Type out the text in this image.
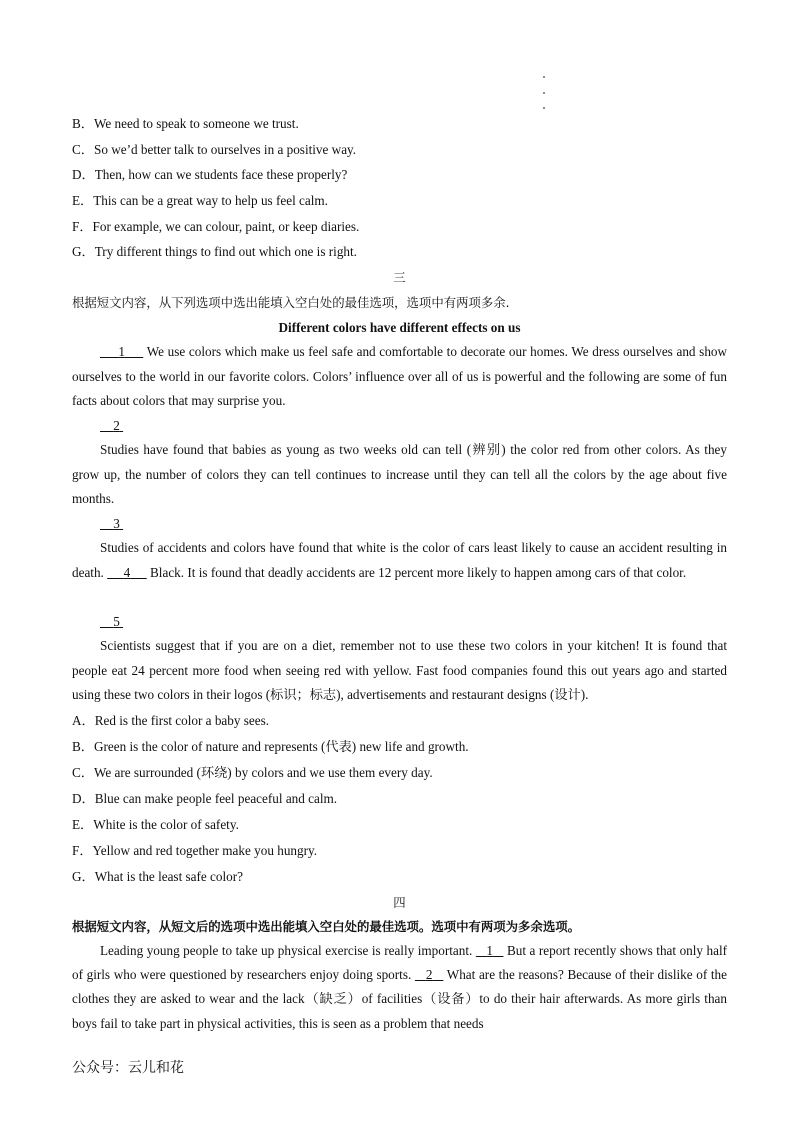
B．We need to speak to someone we trust.
C．So we’d better talk to ourselves in a positive way.
D．Then, how can we students face these properly?
E．This can be a great way to help us feel calm.
F．For example, we can colour, paint, or keep diaries.
G．Try different things to find out which one is right.
三
根据短文内容，从下列选项中选出能填入空白处的最佳选项，选项中有两项多余.
Different colors have different effects on us
1 We use colors which make us feel safe and comfortable to decorate our homes. We dress ourselves and show ourselves to the world in our favorite colors. Colors’ influence over all of us is powerful and the following are some of fun facts about colors that may surprise you.
2
Studies have found that babies as young as two weeks old can tell (辨别) the color red from other colors. As they grow up, the number of colors they can tell continues to increase until they can tell all the colors by the age about five months.
3
Studies of accidents and colors have found that white is the color of cars least likely to cause an accident resulting in death. 4 Black. It is found that deadly accidents are 12 percent more likely to happen among cars of that color.
5
Scientists suggest that if you are on a diet, remember not to use these two colors in your kitchen! It is found that people eat 24 percent more food when seeing red with yellow. Fast food companies found this out years ago and started using these two colors in their logos (标识；标志), advertisements and restaurant designs (设计).
A．Red is the first color a baby sees.
B．Green is the color of nature and represents (代表) new life and growth.
C．We are surrounded (环绕) by colors and we use them every day.
D．Blue can make people feel peaceful and calm.
E．White is the color of safety.
F．Yellow and red together make you hungry.
G．What is the least safe color?
四
根据短文内容，从短文后的选项中选出能填入空白处的最佳选项。选项中有两项为多余选项。
Leading young people to take up physical exercise is really important. 1 But a report recently shows that only half of girls who were questioned by researchers enjoy doing sports. 2 What are the reasons? Because of their dislike of the clothes they are asked to wear and the lack（缺乏）of facilities（设备）to do their hair afterwards. As more girls than boys fail to take part in physical activities, this is seen as a problem that needs
公众号：云儿和花
